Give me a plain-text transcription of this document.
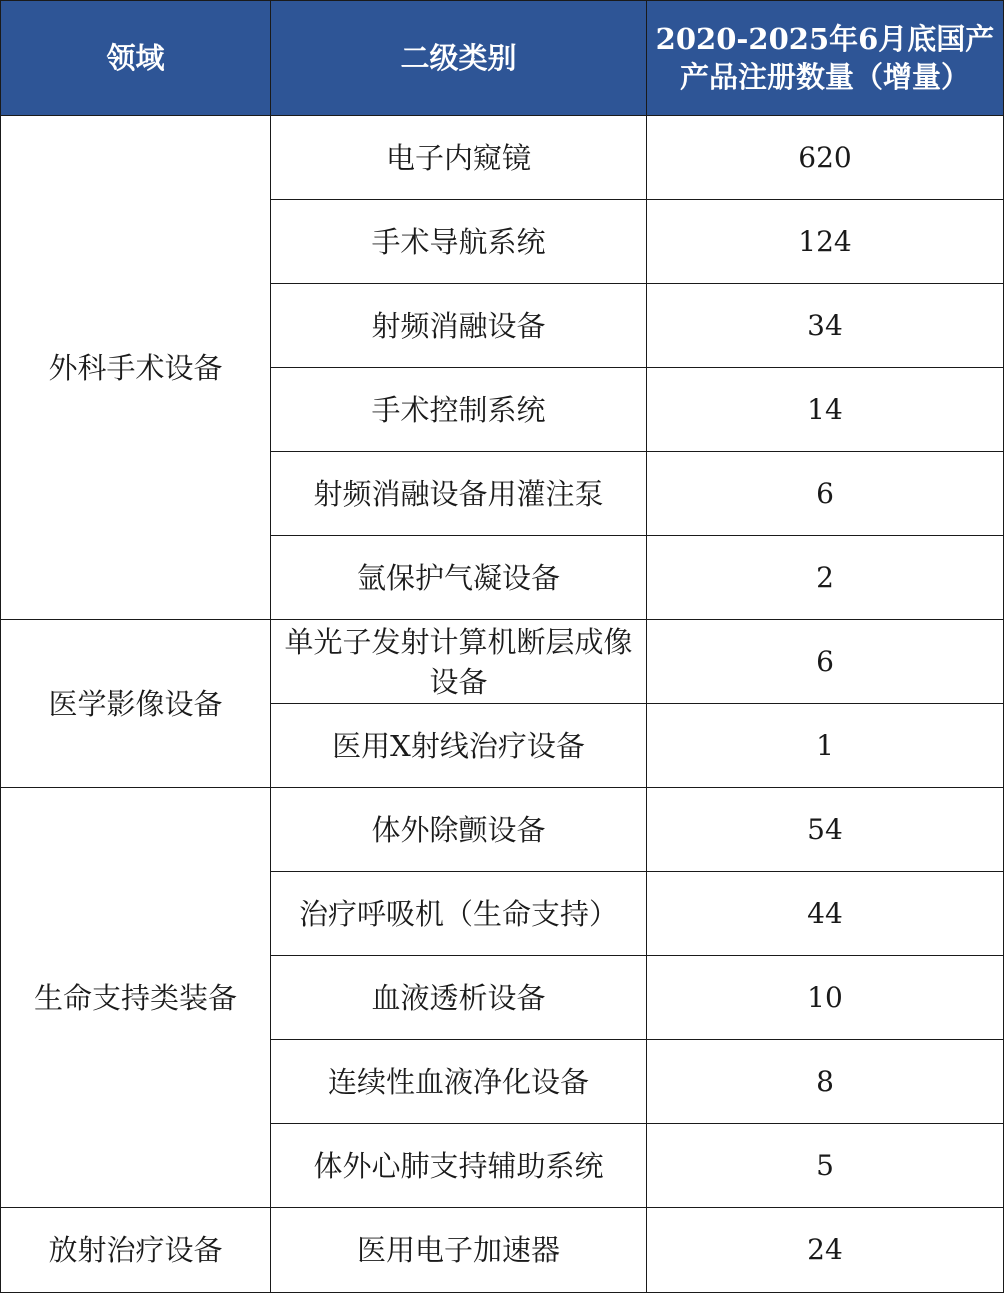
领域	二级类别	2020-2025年6月底国产产品注册数量（增量）
外科手术设备	电子内窥镜	620
	手术导航系统	124
	射频消融设备	34
	手术控制系统	14
	射频消融设备用灌注泵	6
	氩保护气凝设备	2
医学影像设备	单光子发射计算机断层成像设备	6
	医用X射线治疗设备	1
生命支持类装备	体外除颤设备	54
	治疗呼吸机（生命支持）	44
	血液透析设备	10
	连续性血液净化设备	8
	体外心肺支持辅助系统	5
放射治疗设备	医用电子加速器	24
